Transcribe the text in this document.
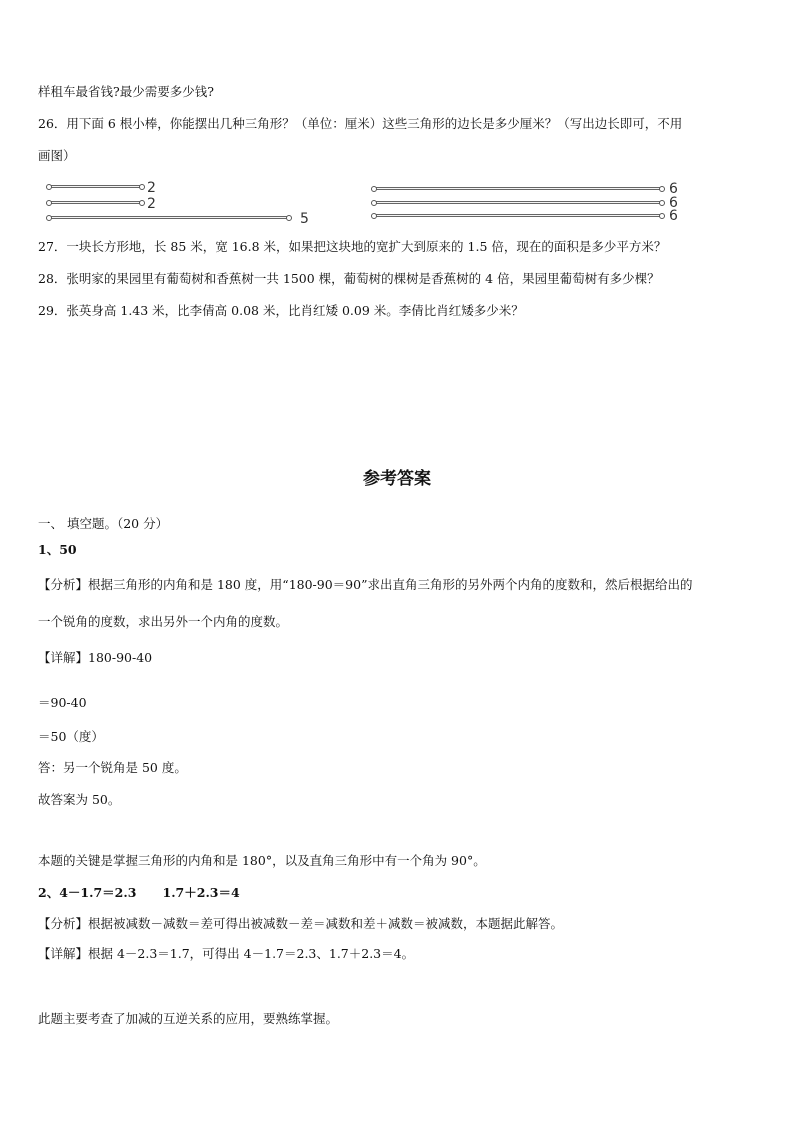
样租车最省钱?最少需要多少钱?
26．用下面 6 根小棒，你能摆出几种三角形？（单位：厘米）这些三角形的边长是多少厘米？（写出边长即可，不用
画图）
2
2
5
6
6
6
27．一块长方形地，长 85 米，宽 16.8 米，如果把这块地的宽扩大到原来的 1.5 倍，现在的面积是多少平方米？
28．张明家的果园里有葡萄树和香蕉树一共 1500 棵，葡萄树的棵树是香蕉树的 4 倍，果园里葡萄树有多少棵？
29．张英身高 1.43 米，比李倩高 0.08 米，比肖红矮 0.09 米。李倩比肖红矮多少米？
参考答案
一、 填空题。（20 分）
1、50
【分析】根据三角形的内角和是 180 度，用“180-90＝90”求出直角三角形的另外两个内角的度数和，然后根据给出的
一个锐角的度数，求出另外一个内角的度数。
【详解】180-90-40
＝90-40
＝50（度）
答：另一个锐角是 50 度。
故答案为 50。
本题的关键是掌握三角形的内角和是 180°，以及直角三角形中有一个角为 90°。
2、4－1.7＝2.3      1.7＋2.3＝4
【分析】根据被减数－减数＝差可得出被减数－差＝减数和差＋减数＝被减数，本题据此解答。
【详解】根据 4－2.3＝1.7，可得出 4－1.7＝2.3、1.7＋2.3＝4。
此题主要考查了加减的互逆关系的应用，要熟练掌握。
